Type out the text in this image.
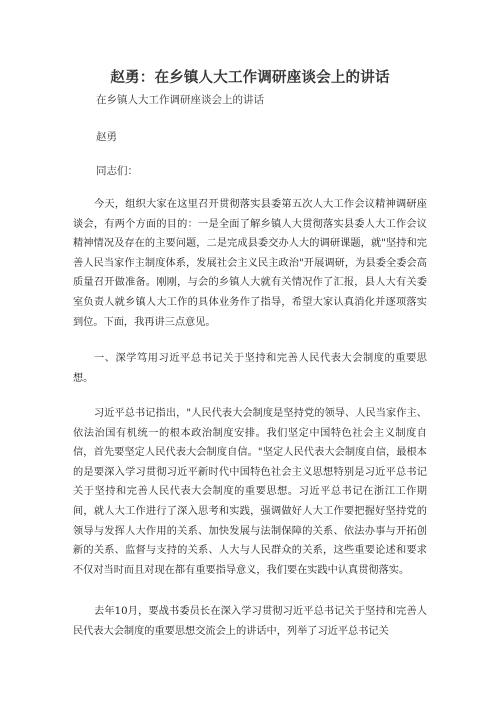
赵勇：在乡镇人大工作调研座谈会上的讲话
在乡镇人大工作调研座谈会上的讲话
赵勇
同志们：

今天，组织大家在这里召开贯彻落实县委第五次人大工作会议精神调研座谈会，有两个方面的目的：一是全面了解乡镇人大贯彻落实县委人大工作会议精神情况及存在的主要问题，二是完成县委交办人大的调研课题，就"坚持和完善人民当家作主制度体系，发展社会主义民主政治"开展调研，为县委全委会高质量召开做准备。刚刚，与会的乡镇人大就有关情况作了汇报，县人大有关委室负责人就乡镇人大工作的具体业务作了指导，希望大家认真消化并逐项落实到位。下面，我再讲三点意见。

一、深学笃用习近平总书记关于坚持和完善人民代表大会制度的重要思想。

习近平总书记指出，"人民代表大会制度是坚持党的领导、人民当家作主、依法治国有机统一的根本政治制度安排。我们坚定中国特色社会主义制度自信，首先要坚定人民代表大会制度自信。"坚定人民代表大会制度自信，最根本的是要深入学习贯彻习近平新时代中国特色社会主义思想特别是习近平总书记关于坚持和完善人民代表大会制度的重要思想。习近平总书记在浙江工作期间，就人大工作进行了深入思考和实践，强调做好人大工作要把握好坚持党的领导与发挥人大作用的关系、加快发展与法制保障的关系、依法办事与开拓创新的关系、监督与支持的关系、人大与人民群众的关系，这些重要论述和要求不仅对当时而且对现在都有重要指导意义，我们要在实践中认真贯彻落实。

去年10月，要战书委员长在深入学习贯彻习近平总书记关于坚持和完善人民代表大会制度的重要思想交流会上的讲话中，列举了习近平总书记关
